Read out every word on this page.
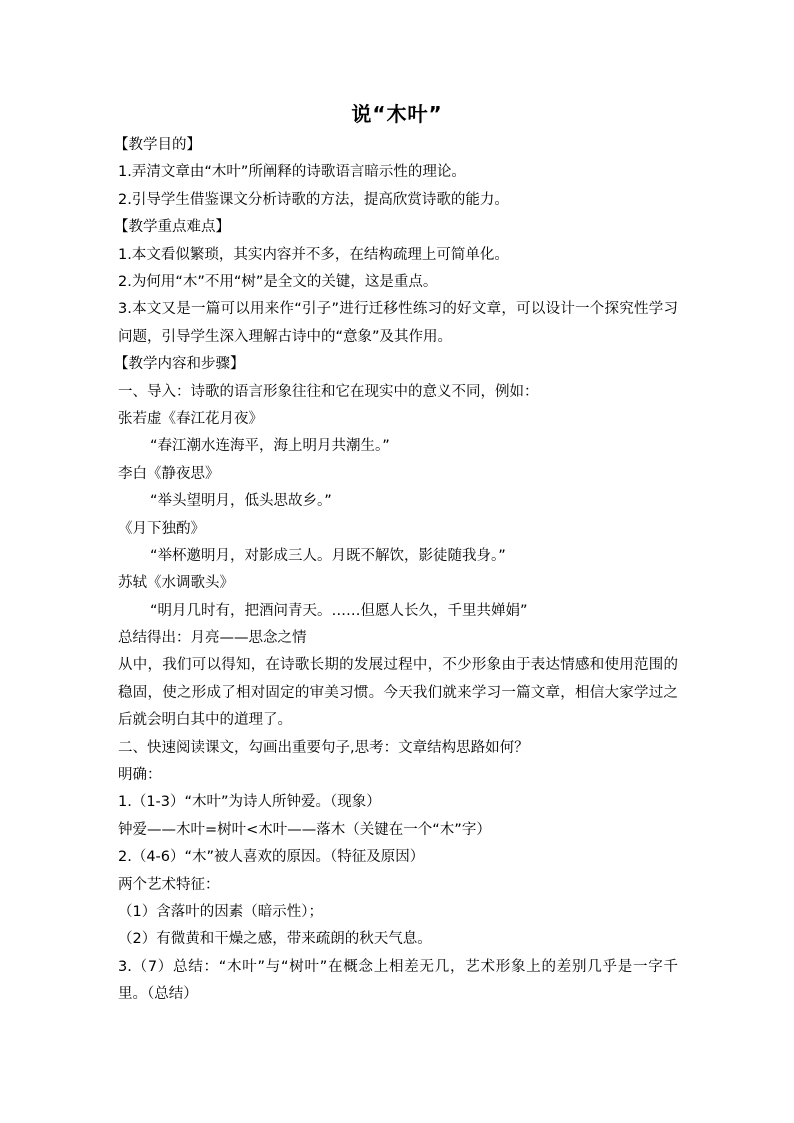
说“木叶”
【教学目的】
1.弄清文章由“木叶”所阐释的诗歌语言暗示性的理论。
2.引导学生借鉴课文分析诗歌的方法，提高欣赏诗歌的能力。
【教学重点难点】
1.本文看似繁琐，其实内容并不多，在结构疏理上可简单化。
2.为何用“木”不用“树”是全文的关键，这是重点。
3.本文又是一篇可以用来作“引子”进行迁移性练习的好文章，可以设计一个探究性学习问题，引导学生深入理解古诗中的“意象”及其作用。
【教学内容和步骤】
一、导入：诗歌的语言形象往往和它在现实中的意义不同，例如：
张若虚《春江花月夜》
“春江潮水连海平，海上明月共潮生。”
李白《静夜思》
“举头望明月，低头思故乡。”
《月下独酌》
“举杯邀明月，对影成三人。月既不解饮，影徒随我身。”
苏轼《水调歌头》
“明月几时有，把酒问青天。……但愿人长久，千里共婵娟”
总结得出：月亮——思念之情
从中，我们可以得知，在诗歌长期的发展过程中，不少形象由于表达情感和使用范围的稳固，使之形成了相对固定的审美习惯。今天我们就来学习一篇文章，相信大家学过之后就会明白其中的道理了。
二、快速阅读课文，勾画出重要句子,思考：文章结构思路如何？
明确：
1.（1-3）“木叶”为诗人所钟爱。（现象）
钟爱——木叶=树叶<木叶——落木（关键在一个“木”字）
2.（4-6）“木”被人喜欢的原因。（特征及原因）
两个艺术特征：
（1）含落叶的因素（暗示性）；
（2）有微黄和干燥之感，带来疏朗的秋天气息。
3.（7）总结：“木叶”与“树叶”在概念上相差无几，艺术形象上的差别几乎是一字千里。（总结）
